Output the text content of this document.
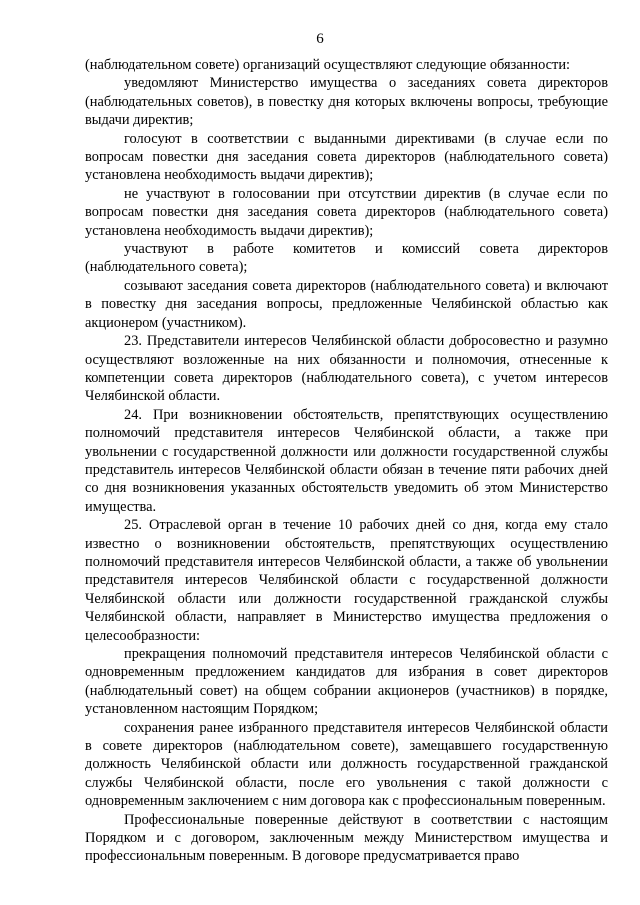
6

(наблюдательном совете) организаций осуществляют следующие обязанности:

уведомляют Министерство имущества о заседаниях совета директоров (наблюдательных советов), в повестку дня которых включены вопросы, требующие выдачи директив;

голосуют в соответствии с выданными директивами (в случае если по вопросам повестки дня заседания совета директоров (наблюдательного совета) установлена необходимость выдачи директив);

не участвуют в голосовании при отсутствии директив (в случае если по вопросам повестки дня заседания совета директоров (наблюдательного совета) установлена необходимость выдачи директив);

участвуют в работе комитетов и комиссий совета директоров (наблюдательного совета);

созывают заседания совета директоров (наблюдательного совета) и включают в повестку дня заседания вопросы, предложенные Челябинской областью как акционером (участником).

23. Представители интересов Челябинской области добросовестно и разумно осуществляют возложенные на них обязанности и полномочия, отнесенные к компетенции совета директоров (наблюдательного совета), с учетом интересов Челябинской области.

24. При возникновении обстоятельств, препятствующих осуществлению полномочий представителя интересов Челябинской области, а также при увольнении с государственной должности или должности государственной службы представитель интересов Челябинской области обязан в течение пяти рабочих дней со дня возникновения указанных обстоятельств уведомить об этом Министерство имущества.

25. Отраслевой орган в течение 10 рабочих дней со дня, когда ему стало известно о возникновении обстоятельств, препятствующих осуществлению полномочий представителя интересов Челябинской области, а также об увольнении представителя интересов Челябинской области с государственной должности Челябинской области или должности государственной гражданской службы Челябинской области, направляет в Министерство имущества предложения о целесообразности:

прекращения полномочий представителя интересов Челябинской области с одновременным предложением кандидатов для избрания в совет директоров (наблюдательный совет) на общем собрании акционеров (участников) в порядке, установленном настоящим Порядком;

сохранения ранее избранного представителя интересов Челябинской области в совете директоров (наблюдательном совете), замещавшего государственную должность Челябинской области или должность государственной гражданской службы Челябинской области, после его увольнения с такой должности с одновременным заключением с ним договора как с профессиональным поверенным.

Профессиональные поверенные действуют в соответствии с настоящим Порядком и с договором, заключенным между Министерством имущества и профессиональным поверенным. В договоре предусматривается право
